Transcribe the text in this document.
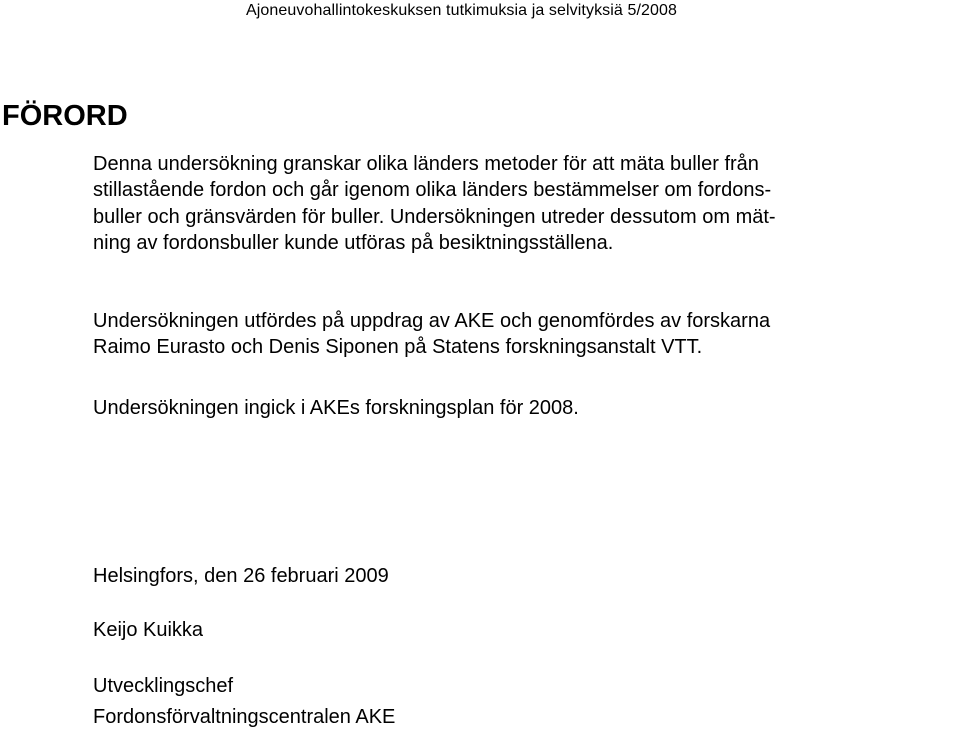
Ajoneuvohallintokeskuksen tutkimuksia ja selvityksiä 5/2008
FÖRORD

Denna undersökning granskar olika länders metoder för att mäta buller från
stillastående fordon och går igenom olika länders bestämmelser om fordons-
buller och gränsvärden för buller. Undersökningen utreder dessutom om mät-
ning av fordonsbuller kunde utföras på besiktningsställena.

Undersökningen utfördes på uppdrag av AKE och genomfördes av forskarna
Raimo Eurasto och Denis Siponen på Statens forskningsanstalt VTT.

Undersökningen ingick i AKEs forskningsplan för 2008.

Helsingfors, den 26 februari 2009
Keijo Kuikka
Utvecklingschef
Fordonsförvaltningscentralen AKE
